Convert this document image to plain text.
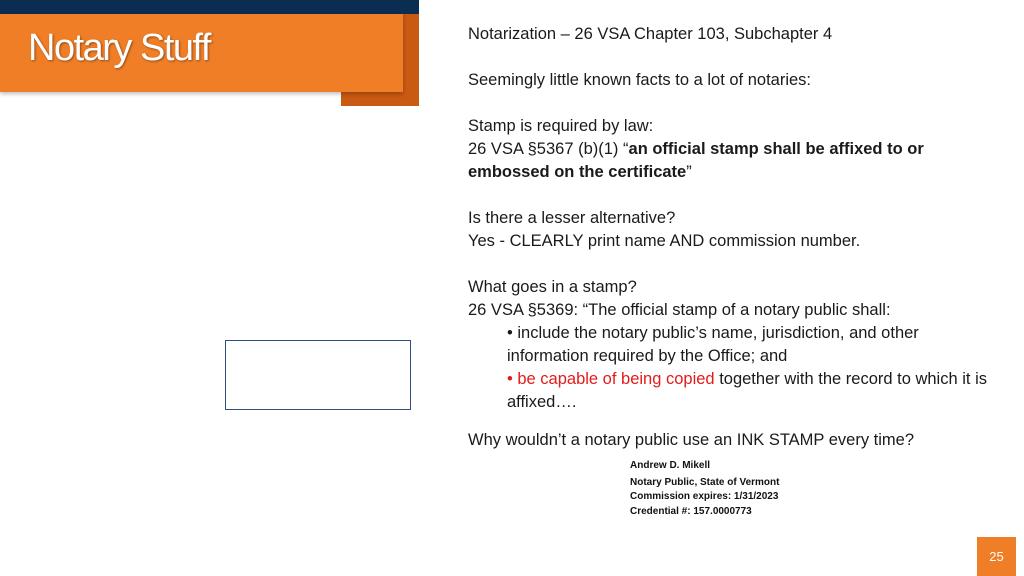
Notary Stuff	Notarization – 26 VSA Chapter 103, Subchapter 4

Seemingly little known facts to a lot of notaries:

Stamp is required by law:

26 VSA §5367 (b)(1) “an official stamp shall be affixed to or embossed on the certificate”

Is there a lesser alternative?

Yes - CLEARLY print name AND commission number.

What goes in a stamp?

26 VSA §5369: “The official stamp of a notary public shall:

• include the notary public’s name, jurisdiction, and other information required by the Office; and

• be capable of being copied together with the record to which it is affixed….

Why wouldn’t a notary public use an INK STAMP every time?
Andrew D. Mikell
Notary Public, State of Vermont
Commission expires: 1/31/2023
Credential #: 157.0000773
25
